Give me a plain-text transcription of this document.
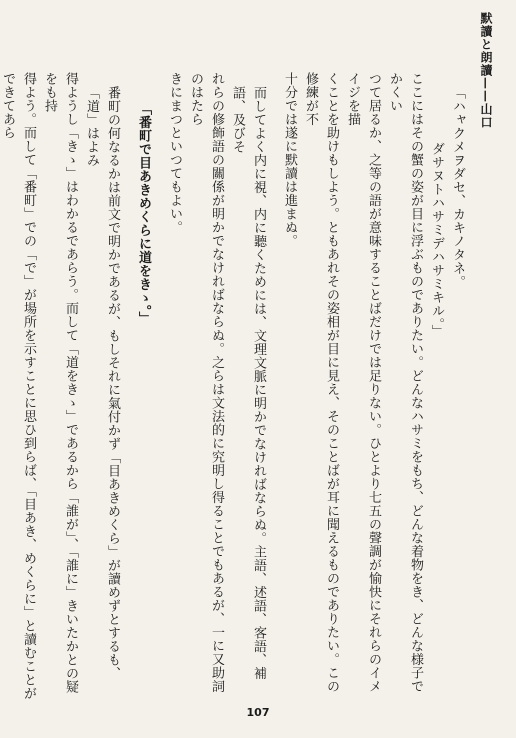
默讀と朗讀——山口

「ハャクメヲダセ、カキノタネ。

ダサヌトハサミデハサミキル。」

ここにはその蟹の姿が目に浮ぶものでありたい。どんなハサミをもち、どんな着物をき、どんな様子でかくい

つて居るか、之等の語が意味することばだけでは足りない。ひとより七五の聲調が愉快にそれらのイメイジを描

くことを助けもしよう。ともあれその姿相が目に見え、そのことばが耳に聞えるものでありたい。この修練が不

十分では遂に默讀は進まぬ。

而してよく内に視、内に聽くためには、文理文脈に明かでなければならぬ。主語、述語、客語、補語、及びそ

れらの修飾語の關係が明かでなければならぬ。之らは文法的に究明し得ることでもあるが、一に又助詞のはたら

きにまつといつてもよい。

「番町で目あきめくらに道をきゝ。」

番町の何なるかは前文で明かであるが、もしそれに氣付かず「目あきめくら」が讀めずとするも、「道」はよみ

得ようし「きゝ」はわかるであらう。而して「道をきゝ」であるから「誰が」、「誰に」きいたかとの疑をも持

得よう。而して「番町」での「で」が場所を示すことに思ひ到らば、「目あき、めくらに」と讀むことができてあら

107
